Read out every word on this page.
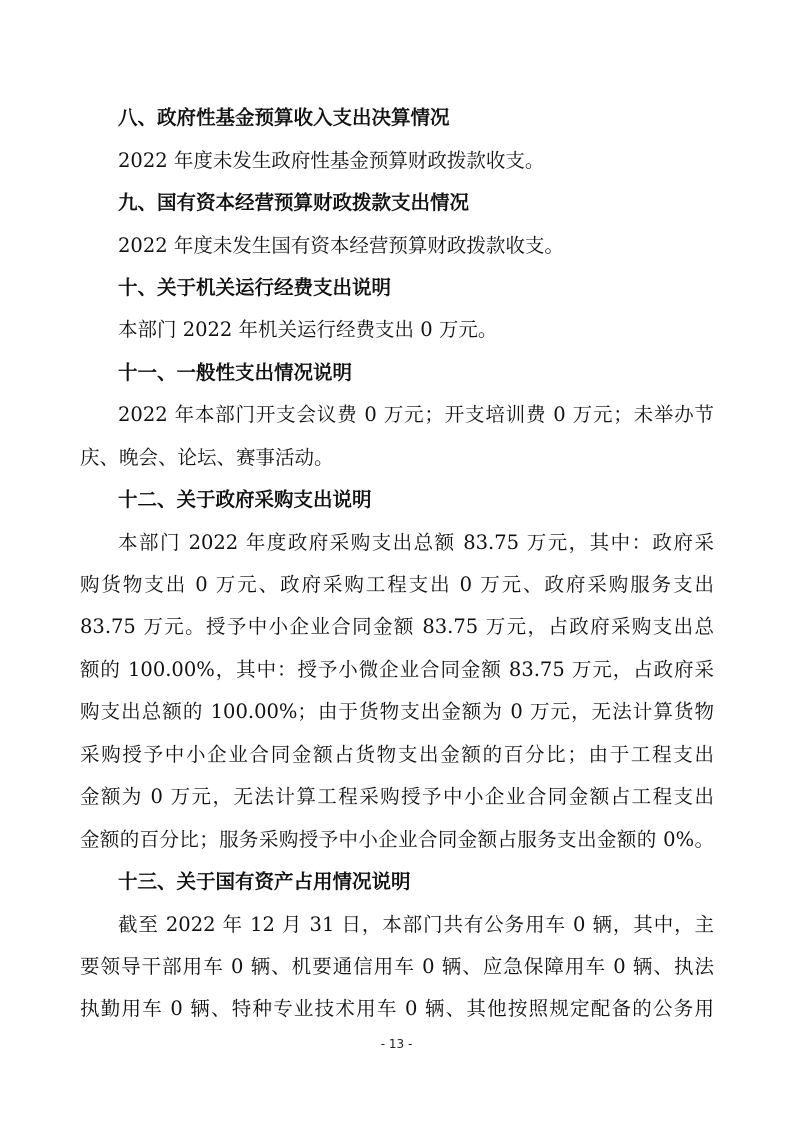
八、政府性基金预算收入支出决算情况
2022 年度未发生政府性基金预算财政拨款收支。
九、国有资本经营预算财政拨款支出情况
2022 年度未发生国有资本经营预算财政拨款收支。
十、关于机关运行经费支出说明
本部门 2022 年机关运行经费支出 0 万元。
十一、一般性支出情况说明
2022 年本部门开支会议费 0 万元；开支培训费 0 万元；未举办节
庆、晚会、论坛、赛事活动。
十二、关于政府采购支出说明
本部门 2022 年度政府采购支出总额 83.75 万元，其中：政府采
购货物支出 0 万元、政府采购工程支出 0 万元、政府采购服务支出
83.75 万元。授予中小企业合同金额 83.75 万元，占政府采购支出总
额的 100.00%，其中：授予小微企业合同金额 83.75 万元，占政府采
购支出总额的 100.00%；由于货物支出金额为 0 万元，无法计算货物
采购授予中小企业合同金额占货物支出金额的百分比；由于工程支出
金额为 0 万元，无法计算工程采购授予中小企业合同金额占工程支出
金额的百分比；服务采购授予中小企业合同金额占服务支出金额的 0%。
十三、关于国有资产占用情况说明
截至 2022 年 12 月 31 日，本部门共有公务用车 0 辆，其中，主
要领导干部用车 0 辆、机要通信用车 0 辆、应急保障用车 0 辆、执法
执勤用车 0 辆、特种专业技术用车 0 辆、其他按照规定配备的公务用
- 13 -
